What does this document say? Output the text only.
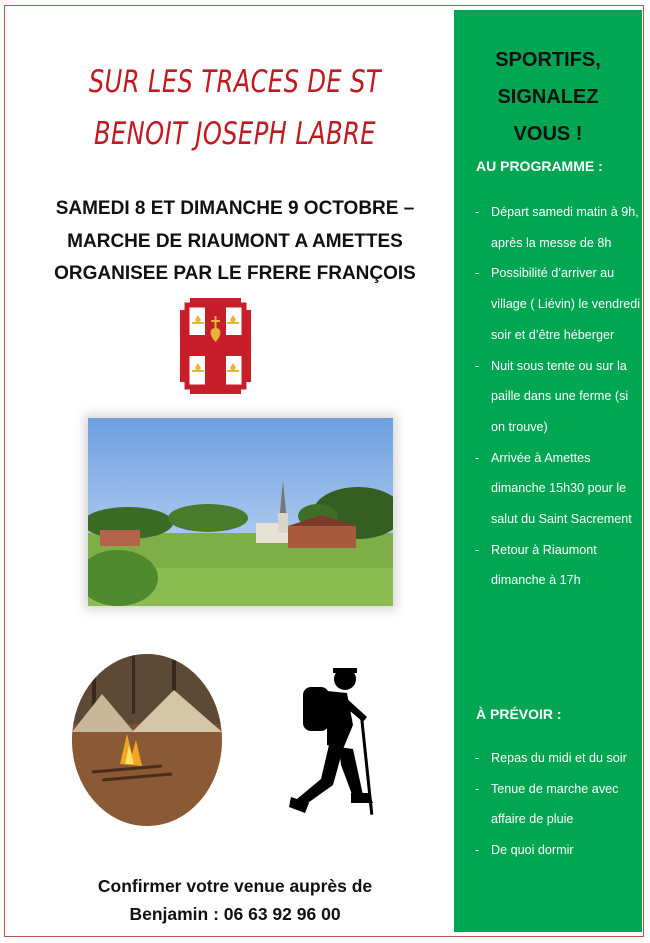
SUR LES TRACES DE ST
BENOIT JOSEPH LABRE
SAMEDI 8 ET DIMANCHE 9 OCTOBRE –
MARCHE DE RIAUMONT A AMETTES
ORGANISEE PAR LE FRERE FRANÇOIS
Confirmer votre venue auprès de
Benjamin : 06 63 92 96 00
SPORTIFS,
SIGNALEZ
VOUS !
AU PROGRAMME :
- Départ samedi matin à 9h, après la messe de 8h
- Possibilité d’arriver au village ( Liévin) le vendredi soir et d’être héberger
- Nuit sous tente ou sur la paille dans une ferme (si on trouve)
- Arrivée à Amettes dimanche 15h30 pour le salut du Saint Sacrement
- Retour à Riaumont dimanche à 17h
À PRÉVOIR :
- Repas du midi et du soir
- Tenue de marche avec affaire de pluie
- De quoi dormir
